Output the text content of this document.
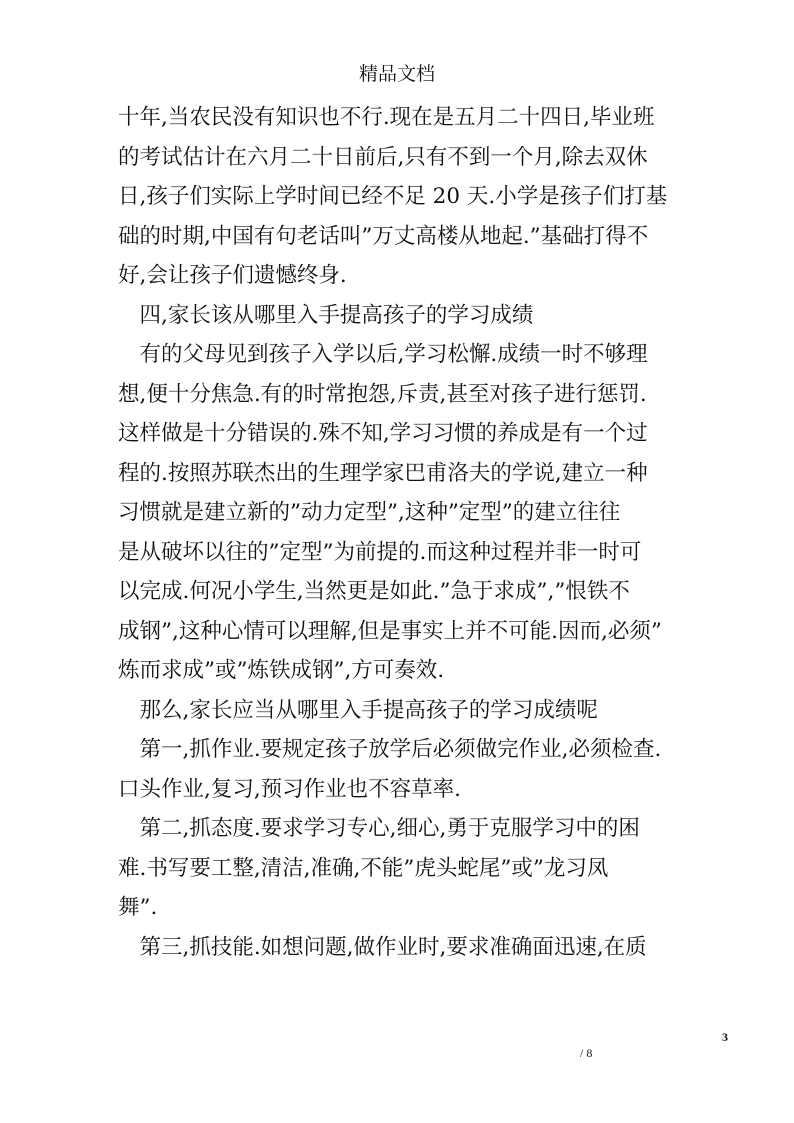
精品文档
十年,当农民没有知识也不行.现在是五月二十四日,毕业班
的考试估计在六月二十日前后,只有不到一个月,除去双休
日,孩子们实际上学时间已经不足 20 天.小学是孩子们打基
础的时期,中国有句老话叫”万丈高楼从地起.”基础打得不
好,会让孩子们遗憾终身.
　四,家长该从哪里入手提高孩子的学习成绩
　有的父母见到孩子入学以后,学习松懈.成绩一时不够理
想,便十分焦急.有的时常抱怨,斥责,甚至对孩子进行惩罚.
这样做是十分错误的.殊不知,学习习惯的养成是有一个过
程的.按照苏联杰出的生理学家巴甫洛夫的学说,建立一种
习惯就是建立新的”动力定型”,这种”定型”的建立往往
是从破坏以往的”定型”为前提的.而这种过程并非一时可
以完成.何况小学生,当然更是如此.”急于求成”,”恨铁不
成钢”,这种心情可以理解,但是事实上并不可能.因而,必须”
炼而求成”或”炼铁成钢”,方可奏效.
　那么,家长应当从哪里入手提高孩子的学习成绩呢
　第一,抓作业.要规定孩子放学后必须做完作业,必须检查.
口头作业,复习,预习作业也不容草率.
　第二,抓态度.要求学习专心,细心,勇于克服学习中的困
难.书写要工整,清洁,准确,不能”虎头蛇尾”或”龙习凤
舞”.
　第三,抓技能.如想问题,做作业时,要求准确面迅速,在质
3
/ 8
